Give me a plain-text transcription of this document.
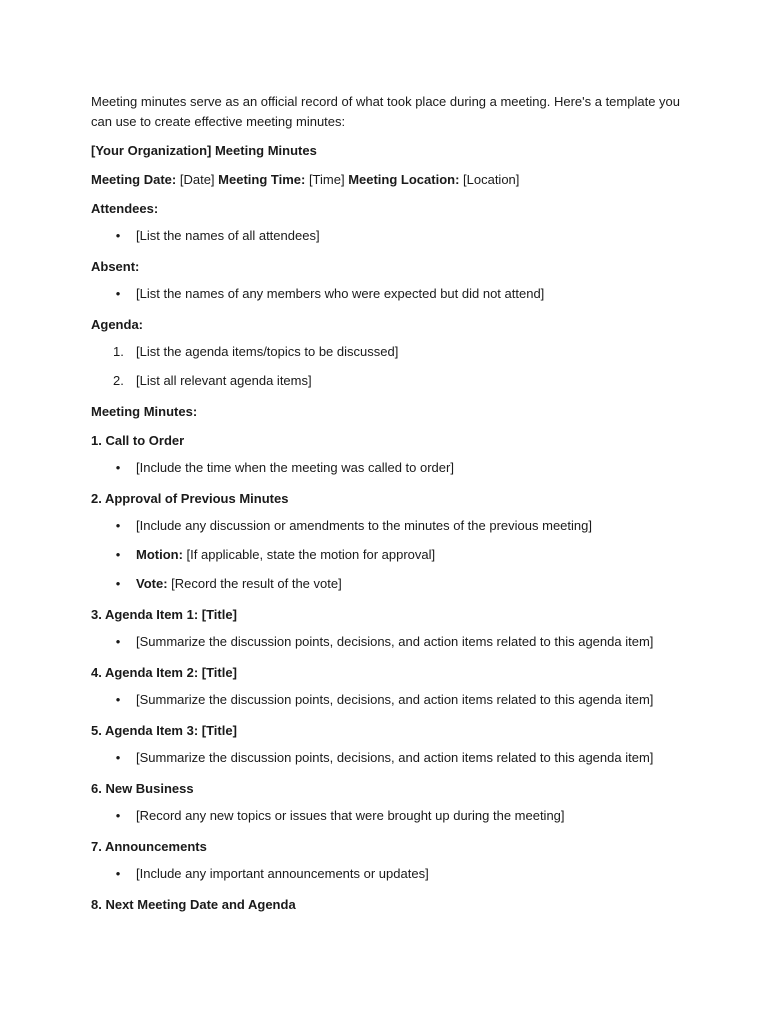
Meeting minutes serve as an official record of what took place during a meeting. Here's a template you can use to create effective meeting minutes:

[Your Organization] Meeting Minutes

Meeting Date: [Date] Meeting Time: [Time] Meeting Location: [Location]

Attendees:

• [List the names of all attendees]

Absent:

• [List the names of any members who were expected but did not attend]

Agenda:

1. [List the agenda items/topics to be discussed]
2. [List all relevant agenda items]

Meeting Minutes:

1. Call to Order

• [Include the time when the meeting was called to order]

2. Approval of Previous Minutes

• [Include any discussion or amendments to the minutes of the previous meeting]
• Motion: [If applicable, state the motion for approval]
• Vote: [Record the result of the vote]

3. Agenda Item 1: [Title]

• [Summarize the discussion points, decisions, and action items related to this agenda item]

4. Agenda Item 2: [Title]

• [Summarize the discussion points, decisions, and action items related to this agenda item]

5. Agenda Item 3: [Title]

• [Summarize the discussion points, decisions, and action items related to this agenda item]

6. New Business

• [Record any new topics or issues that were brought up during the meeting]

7. Announcements

• [Include any important announcements or updates]

8. Next Meeting Date and Agenda
